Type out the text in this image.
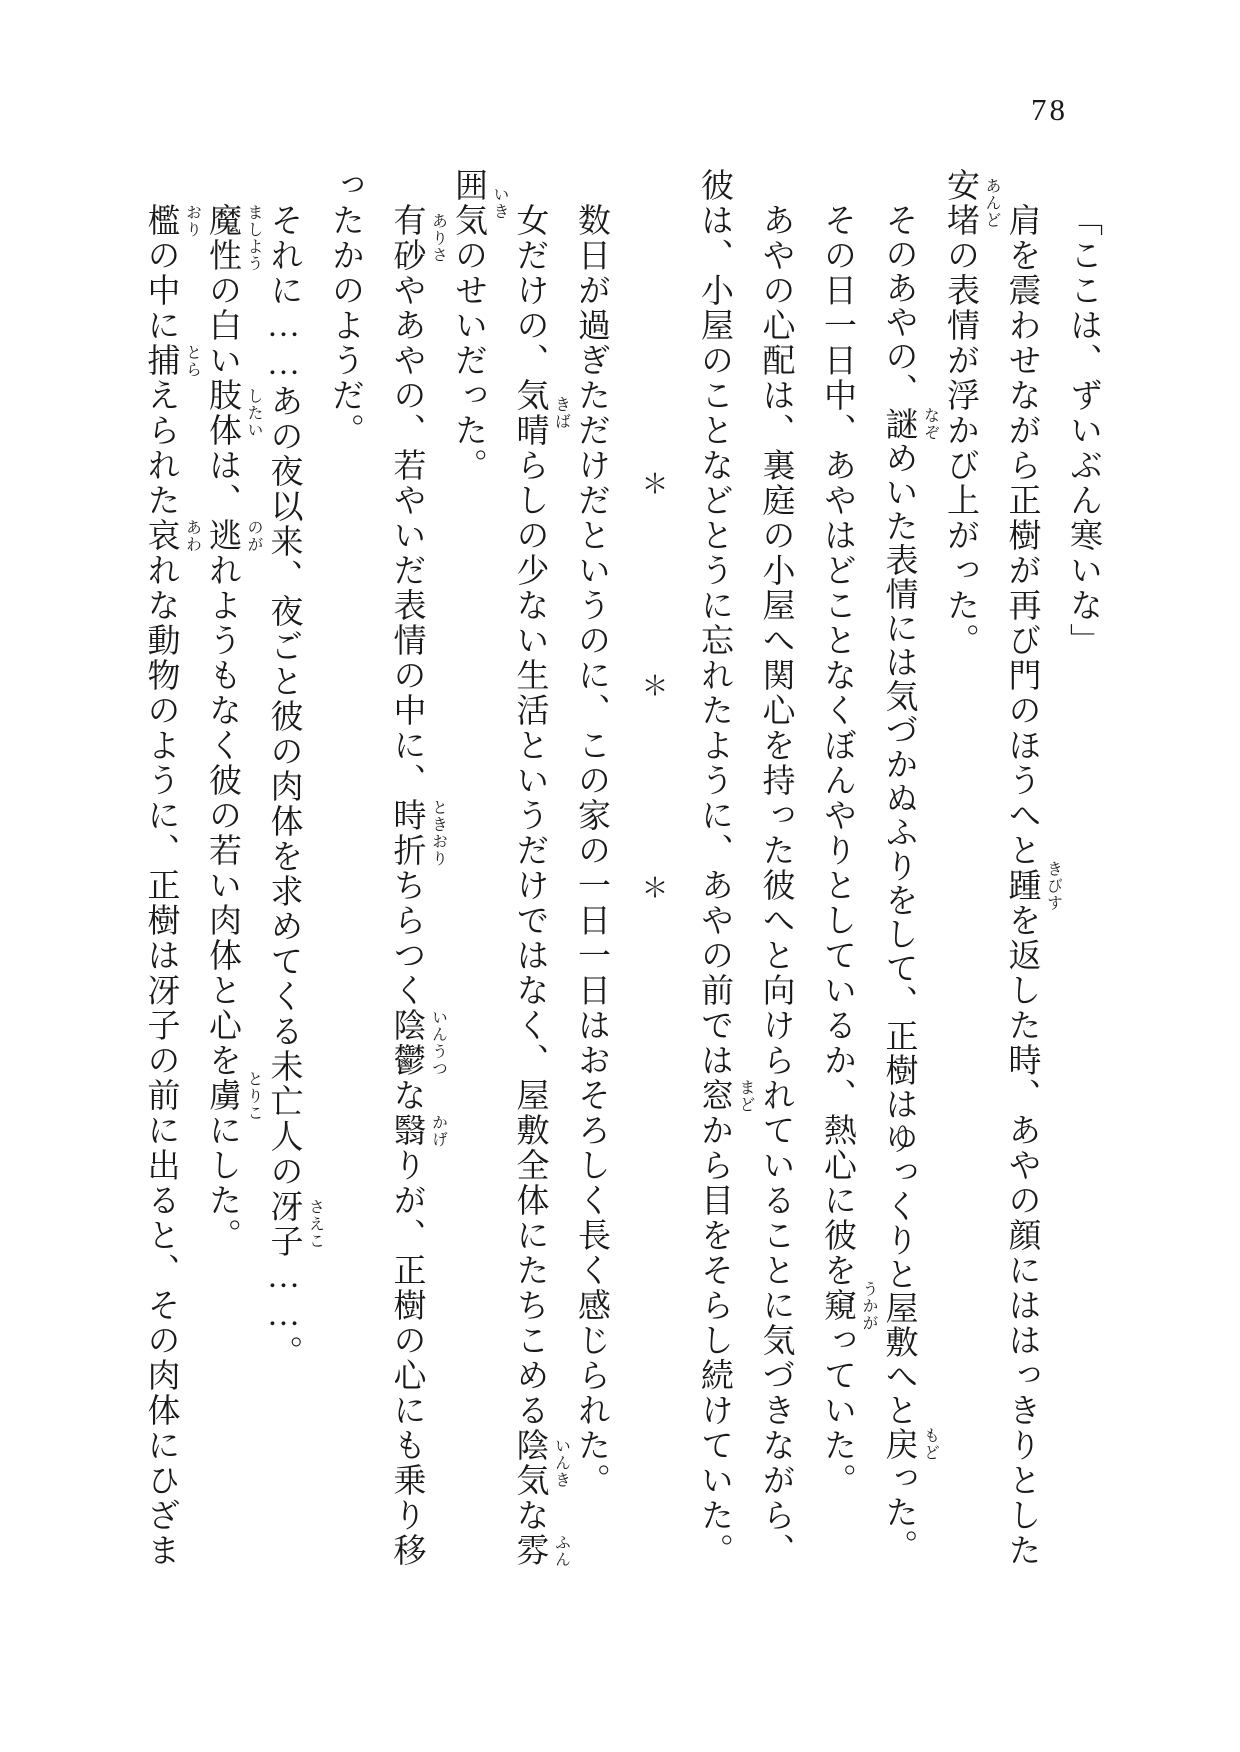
78

「ここは、ずいぶん寒いな」

肩を震わせながら正樹が再び門のほうへと踵 きびす
を返した時、あやの顔にははっきりとした安堵 あんど
の表情が浮かび上がった。

そのあやの、謎 なぞ
めいた表情には気づかぬふりをして、正樹はゆっくりと屋敷へと戻 もど
った。

その日一日中、あやはどことなくぼんやりとしているか、熱心に彼を窺 うかが
っていた。

あやの心配は、裏庭の小屋へ関心を持った彼へと向けられていることに気づきながら、彼は、小屋のことなどとうに忘れたように、あやの前では窓 まど
から目をそらし続けていた。

＊＊＊

数日が過ぎただけだというのに、この家の一日一日はおそろしく長く感じられた。

女だけの、気晴 きば
らしの少ない生活というだけではなく、屋敷全体にたちこめる陰気 いんき
な雰 ふん
囲気 いき
のせいだった。

有砂 ありさ
やあやの、若やいだ表情の中に、時折 ときおり
ちらつく陰鬱 いんうつ
な翳 かげ
りが、正樹の心にも乗り移ったかのようだ。

それに……あの夜以来、夜ごと彼の肉体を求めてくる未亡人の冴子 さえこ
……。

魔性 ましよう
の白い肢体 したい
は、逃 のが
れようもなく彼の若い肉体と心を虜 とりこ
にした。

檻 おり
の中に捕 とら
えられた哀 あわ
れな動物のように、正樹は冴子の前に出ると、その肉体にひざま
